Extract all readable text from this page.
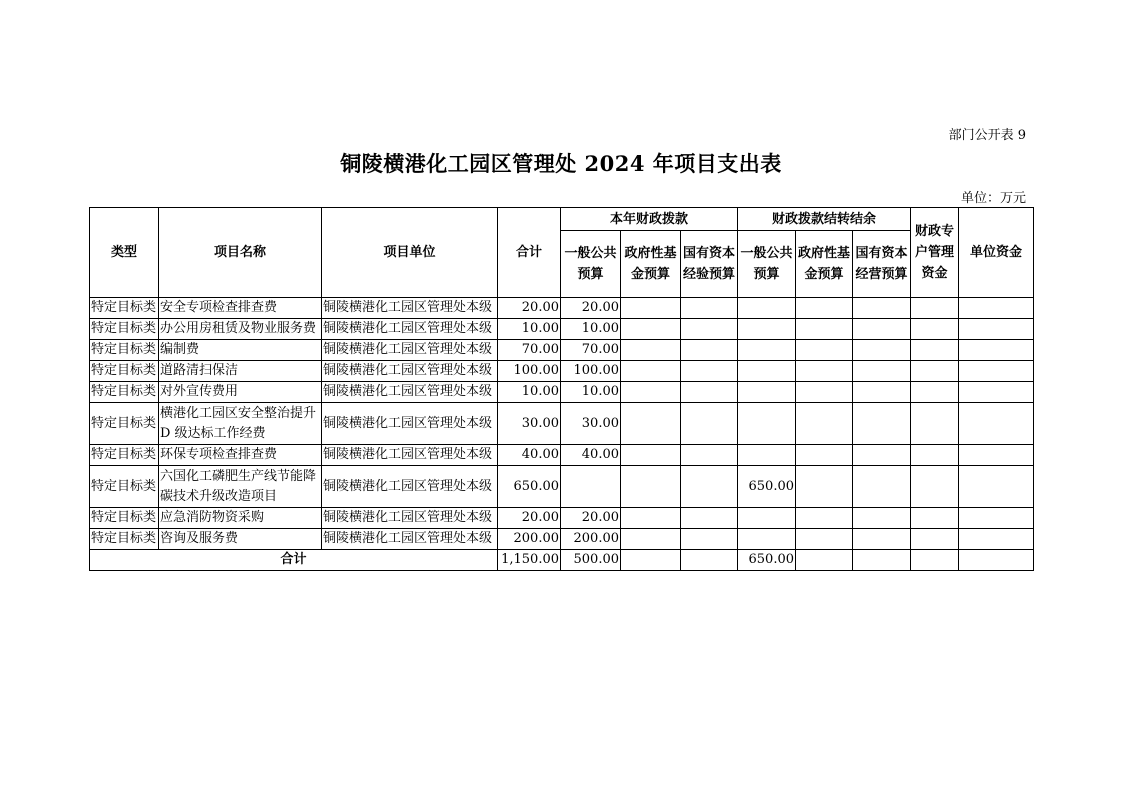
部门公开表 9
铜陵横港化工园区管理处 2024 年项目支出表
单位：万元
类型	项目名称	项目单位	合计	本年财政拨款			财政拨款结转结余			财政专户管理资金	单位资金
				一般公共预算	政府性基金预算	国有资本经验预算	一般公共预算	政府性基金预算	国有资本经营预算		
特定目标类	安全专项检查排查费	铜陵横港化工园区管理处本级	20.00	20.00							
特定目标类	办公用房租赁及物业服务费	铜陵横港化工园区管理处本级	10.00	10.00							
特定目标类	编制费	铜陵横港化工园区管理处本级	70.00	70.00							
特定目标类	道路清扫保洁	铜陵横港化工园区管理处本级	100.00	100.00							
特定目标类	对外宣传费用	铜陵横港化工园区管理处本级	10.00	10.00							
特定目标类	横港化工园区安全整治提升D 级达标工作经费	铜陵横港化工园区管理处本级	30.00	30.00							
特定目标类	环保专项检查排查费	铜陵横港化工园区管理处本级	40.00	40.00							
特定目标类	六国化工磷肥生产线节能降碳技术升级改造项目	铜陵横港化工园区管理处本级	650.00				650.00				
特定目标类	应急消防物资采购	铜陵横港化工园区管理处本级	20.00	20.00							
特定目标类	咨询及服务费	铜陵横港化工园区管理处本级	200.00	200.00							
合计			1,150.00	500.00			650.00				
